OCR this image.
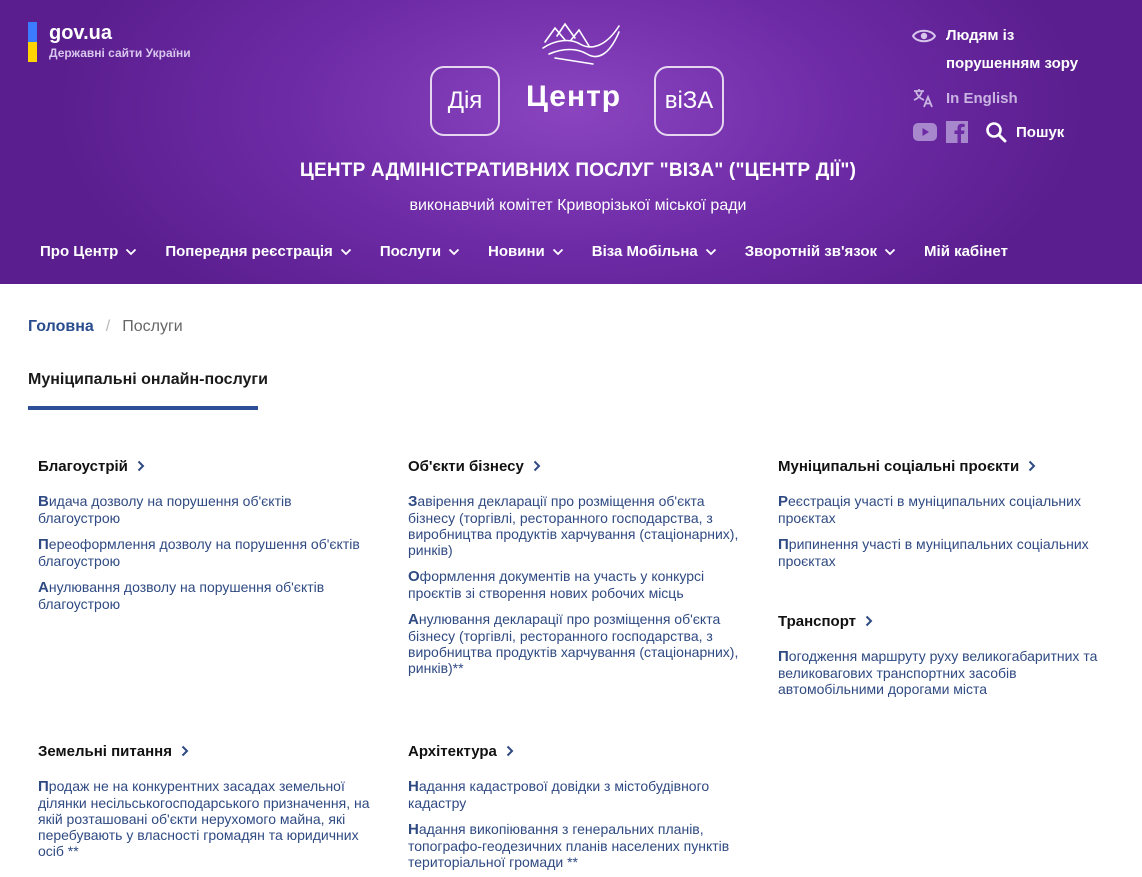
gov.ua
Державні сайти України
Дія	Центр	віЗА
ЦЕНТР АДМІНІСТРАТИВНИХ ПОСЛУГ "ВІЗА" ("ЦЕНТР ДІЇ")
виконавчий комітет Криворізької міської ради
Людям із
порушенням зору
In English
Пошук
Про Центр	Попередня реєстрація	Послуги	Новини	Віза Мобільна	Зворотній зв'язок	Мій кабінет
Головна / Послуги
Муніципальні онлайн-послуги
Благоустрій
Видача дозволу на порушення об'єктів благоустрою
Переоформлення дозволу на порушення об'єктів благоустрою
Анулювання дозволу на порушення об'єктів благоустрою
Об'єкти бізнесу
Завірення декларації про розміщення об'єкта бізнесу (торгівлі, ресторанного господарства, з виробництва продуктів харчування (стаціонарних), ринків)
Оформлення документів на участь у конкурсі проєктів зі створення нових робочих місць
Анулювання декларації про розміщення об'єкта бізнесу (торгівлі, ресторанного господарства, з виробництва продуктів харчування (стаціонарних), ринків)**
Муніципальні соціальні проєкти
Реєстрація участі в муніципальних соціальних проєктах
Припинення участі в муніципальних соціальних проєктах
Транспорт
Погодження маршруту руху великогабаритних та великовагових транспортних засобів автомобільними дорогами міста
Земельні питання
Продаж не на конкурентних засадах земельної ділянки несільськогосподарського призначення, на якій розташовані об'єкти нерухомого майна, які перебувають у власності громадян та юридичних осіб **
Архітектура
Надання кадастрової довідки з містобудівного кадастру
Надання викопіювання з генеральних планів, топографо-геодезичних планів населених пунктів територіальної громади **
